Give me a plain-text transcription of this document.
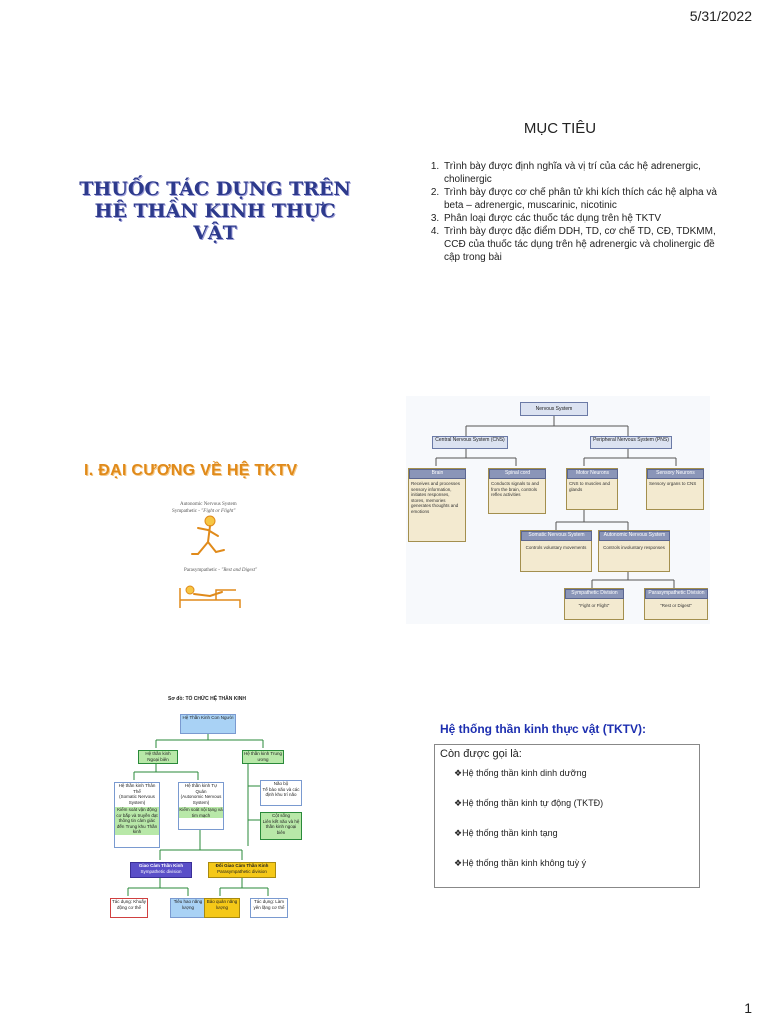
5/31/2022
1
THUỐC TÁC DỤNG TRÊN
HỆ THẦN KINH THỰC VẬT
MỤC TIÊU
1. Trình bày được định nghĩa và vị trí của các hệ adrenergic, cholinergic
2. Trình bày được cơ chế phân tử khi kích thích các hệ alpha và beta – adrenergic, muscarinic, nicotinic
3. Phân loại được các thuốc tác dụng trên hệ TKTV
4. Trình bày được đặc điểm DDH, TD, cơ chế TD, CĐ, TDKMM, CCĐ của thuốc tác dụng trên hệ adrenergic và cholinergic đề cập trong bài
I. ĐẠI CƯƠNG VỀ HỆ TKTV
Autonomic Nervous System
Sympathetic - "Fight or Flight"
Parasympathetic - "Rest and Digest"
Nervous System
Central Nervous System (CNS)	Peripheral Nervous System (PNS)
Brain
Receives and processes sensory information, initiates responses, stores, memories generates thoughts and emotions
Spinal cord
Conducts signals to and from the brain, controls reflex activities
Motor Neurons
CNS to muscles and glands
Sensory Neurons
Sensory organs to CNS
Somatic Nervous System
Controls voluntary movements
Autonomic Nervous System
Controls involuntary responses
Sympathetic Division
"Fight or Flight"
Parasympathetic Division
"Rest or Digest"
Sơ đồ: TỔ CHỨC HỆ THẦN KINH
Hệ Thần Kinh Con Người
Hệ thần kinh Ngoại biên
Hệ thần kinh Trung ương
Hệ thần kinh Thân Thể
(Somatic Nervous System)
Kiểm soát vận động cơ bắp và truyền đạt thông tin cảm giác đến Trung khu Thần kinh
Hệ thần kinh Tự Quản
(Autonomic Nervous System)
Kiểm soát nội tạng và tim mạch
Não bộ
Tế bào não và các định khu trí não
Cột sống
Liên kết não và hệ thần kinh ngoại biên
Giao Cảm Thần Kinh
Sympathetic division
Đối Giao Cảm Thần Kinh
Parasympathetic division
Tác dụng: Khuấy động cơ thể
Tiêu hao năng lượng
Bảo quản năng lượng
Tác dụng: Làm yên lặng cơ thể
Hệ thống thần kinh thực vật (TKTV):
Còn được gọi là:
❖Hệ thống thần kinh dinh dưỡng
❖Hệ thống thần kinh tự động (TKTĐ)
❖Hệ thống thần kinh tạng
❖Hệ thống thần kinh không tuỳ ý
